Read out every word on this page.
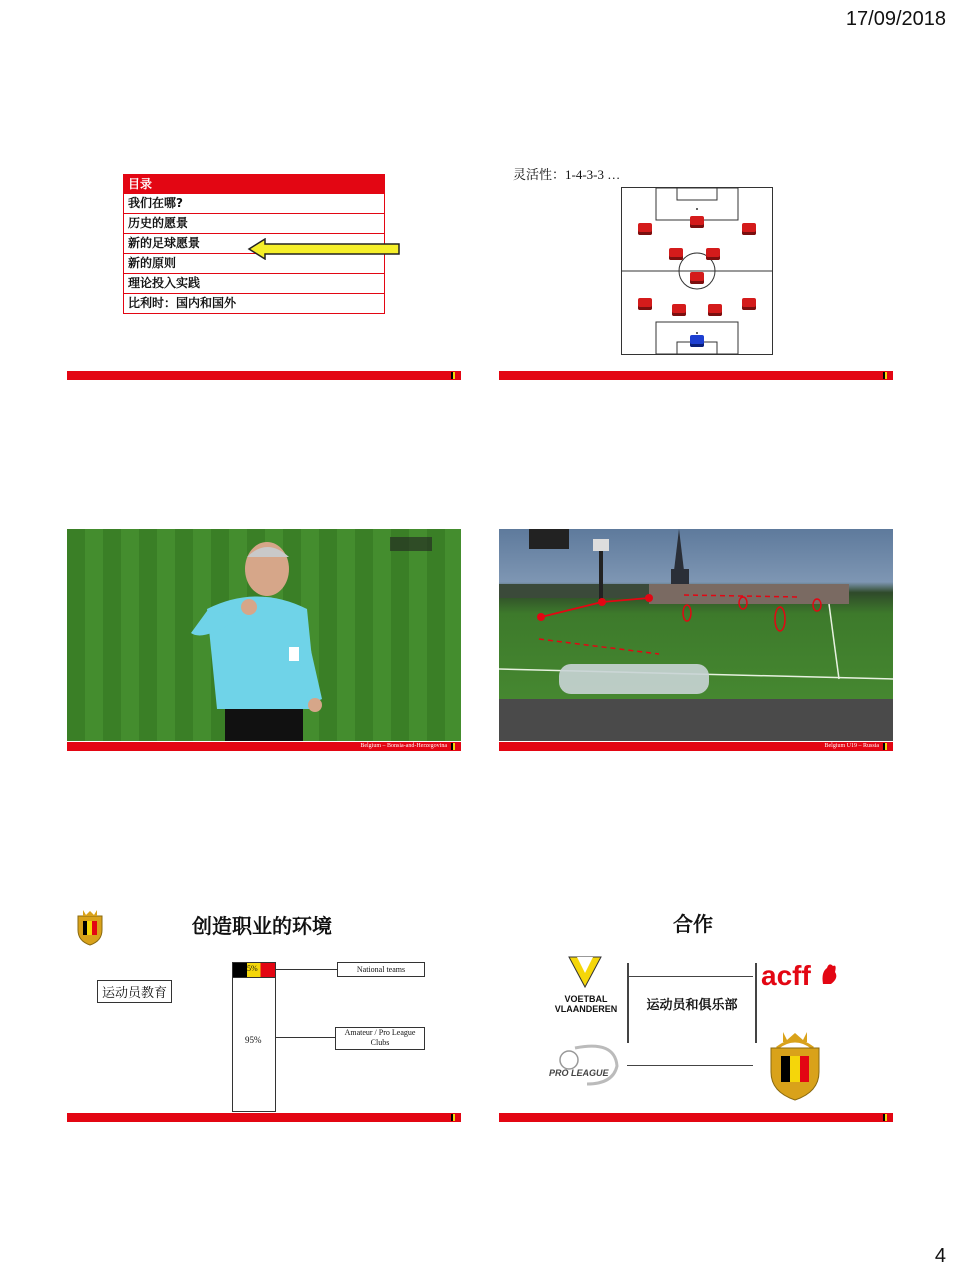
17/09/2018
目录
我们在哪?
历史的愿景
新的足球愿景
新的原则
理论投入实践
比利时：国内和国外
灵活性：1-4-3-3 …
Belgium – Bonsia-and-Herzegovina	Belgium U19 – Russia
创造职业的环境
运动员教育
5%
95%
National teams
Amateur / Pro League Clubs
合作
VOETBAL VLAANDEREN
acff
PRO LEAGUE
运动员和俱乐部
4
